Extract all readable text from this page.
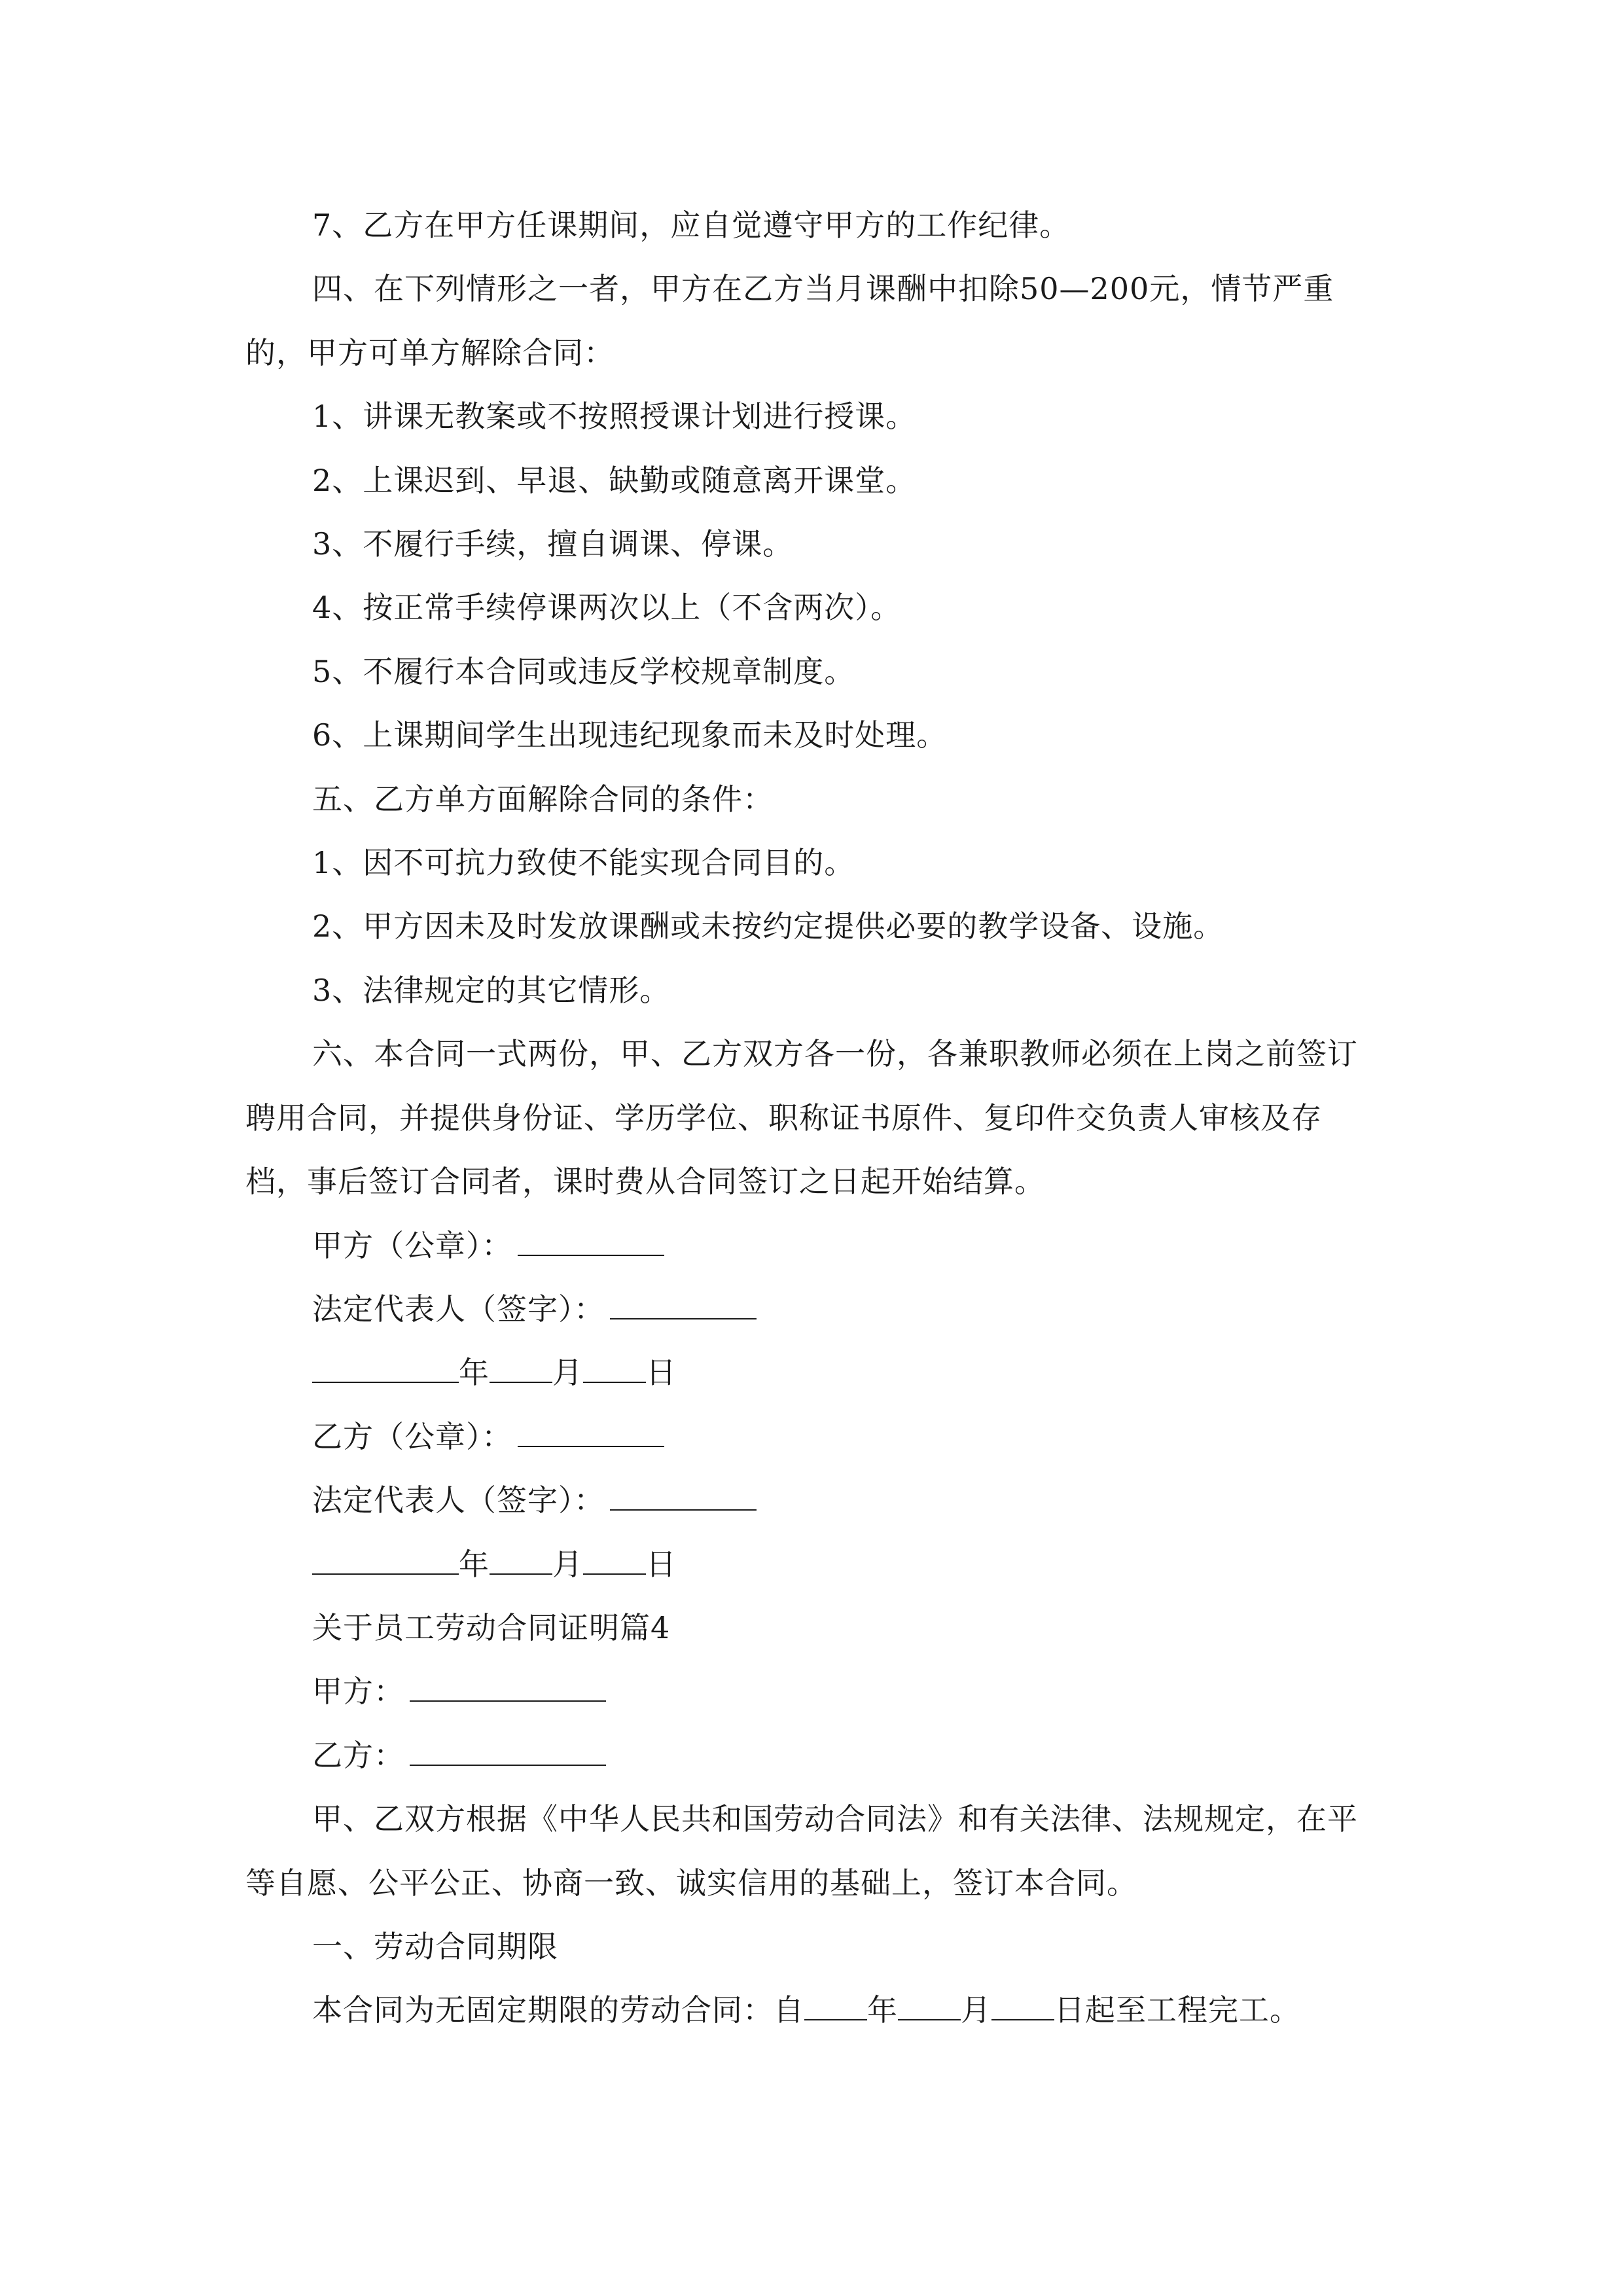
7、乙方在甲方任课期间，应自觉遵守甲方的工作纪律。

四、在下列情形之一者，甲方在乙方当月课酬中扣除50—200元，情节严重的，甲方可单方解除合同：

1、讲课无教案或不按照授课计划进行授课。

2、上课迟到、早退、缺勤或随意离开课堂。

3、不履行手续，擅自调课、停课。

4、按正常手续停课两次以上（不含两次）。

5、不履行本合同或违反学校规章制度。

6、上课期间学生出现违纪现象而未及时处理。

五、乙方单方面解除合同的条件：

1、因不可抗力致使不能实现合同目的。

2、甲方因未及时发放课酬或未按约定提供必要的教学设备、设施。

3、法律规定的其它情形。

六、本合同一式两份，甲、乙方双方各一份，各兼职教师必须在上岗之前签订聘用合同，并提供身份证、学历学位、职称证书原件、复印件交负责人审核及存档，事后签订合同者，课时费从合同签订之日起开始结算。

甲方（公章）：

法定代表人（签字）：

年 月 日

乙方（公章）：

法定代表人（签字）：

年 月 日

关于员工劳动合同证明篇4

甲方：

乙方：

甲、乙双方根据《中华人民共和国劳动合同法》和有关法律、法规规定，在平等自愿、公平公正、协商一致、诚实信用的基础上，签订本合同。

一、劳动合同期限

本合同为无固定期限的劳动合同：自 年 月 日起至工程完工。
